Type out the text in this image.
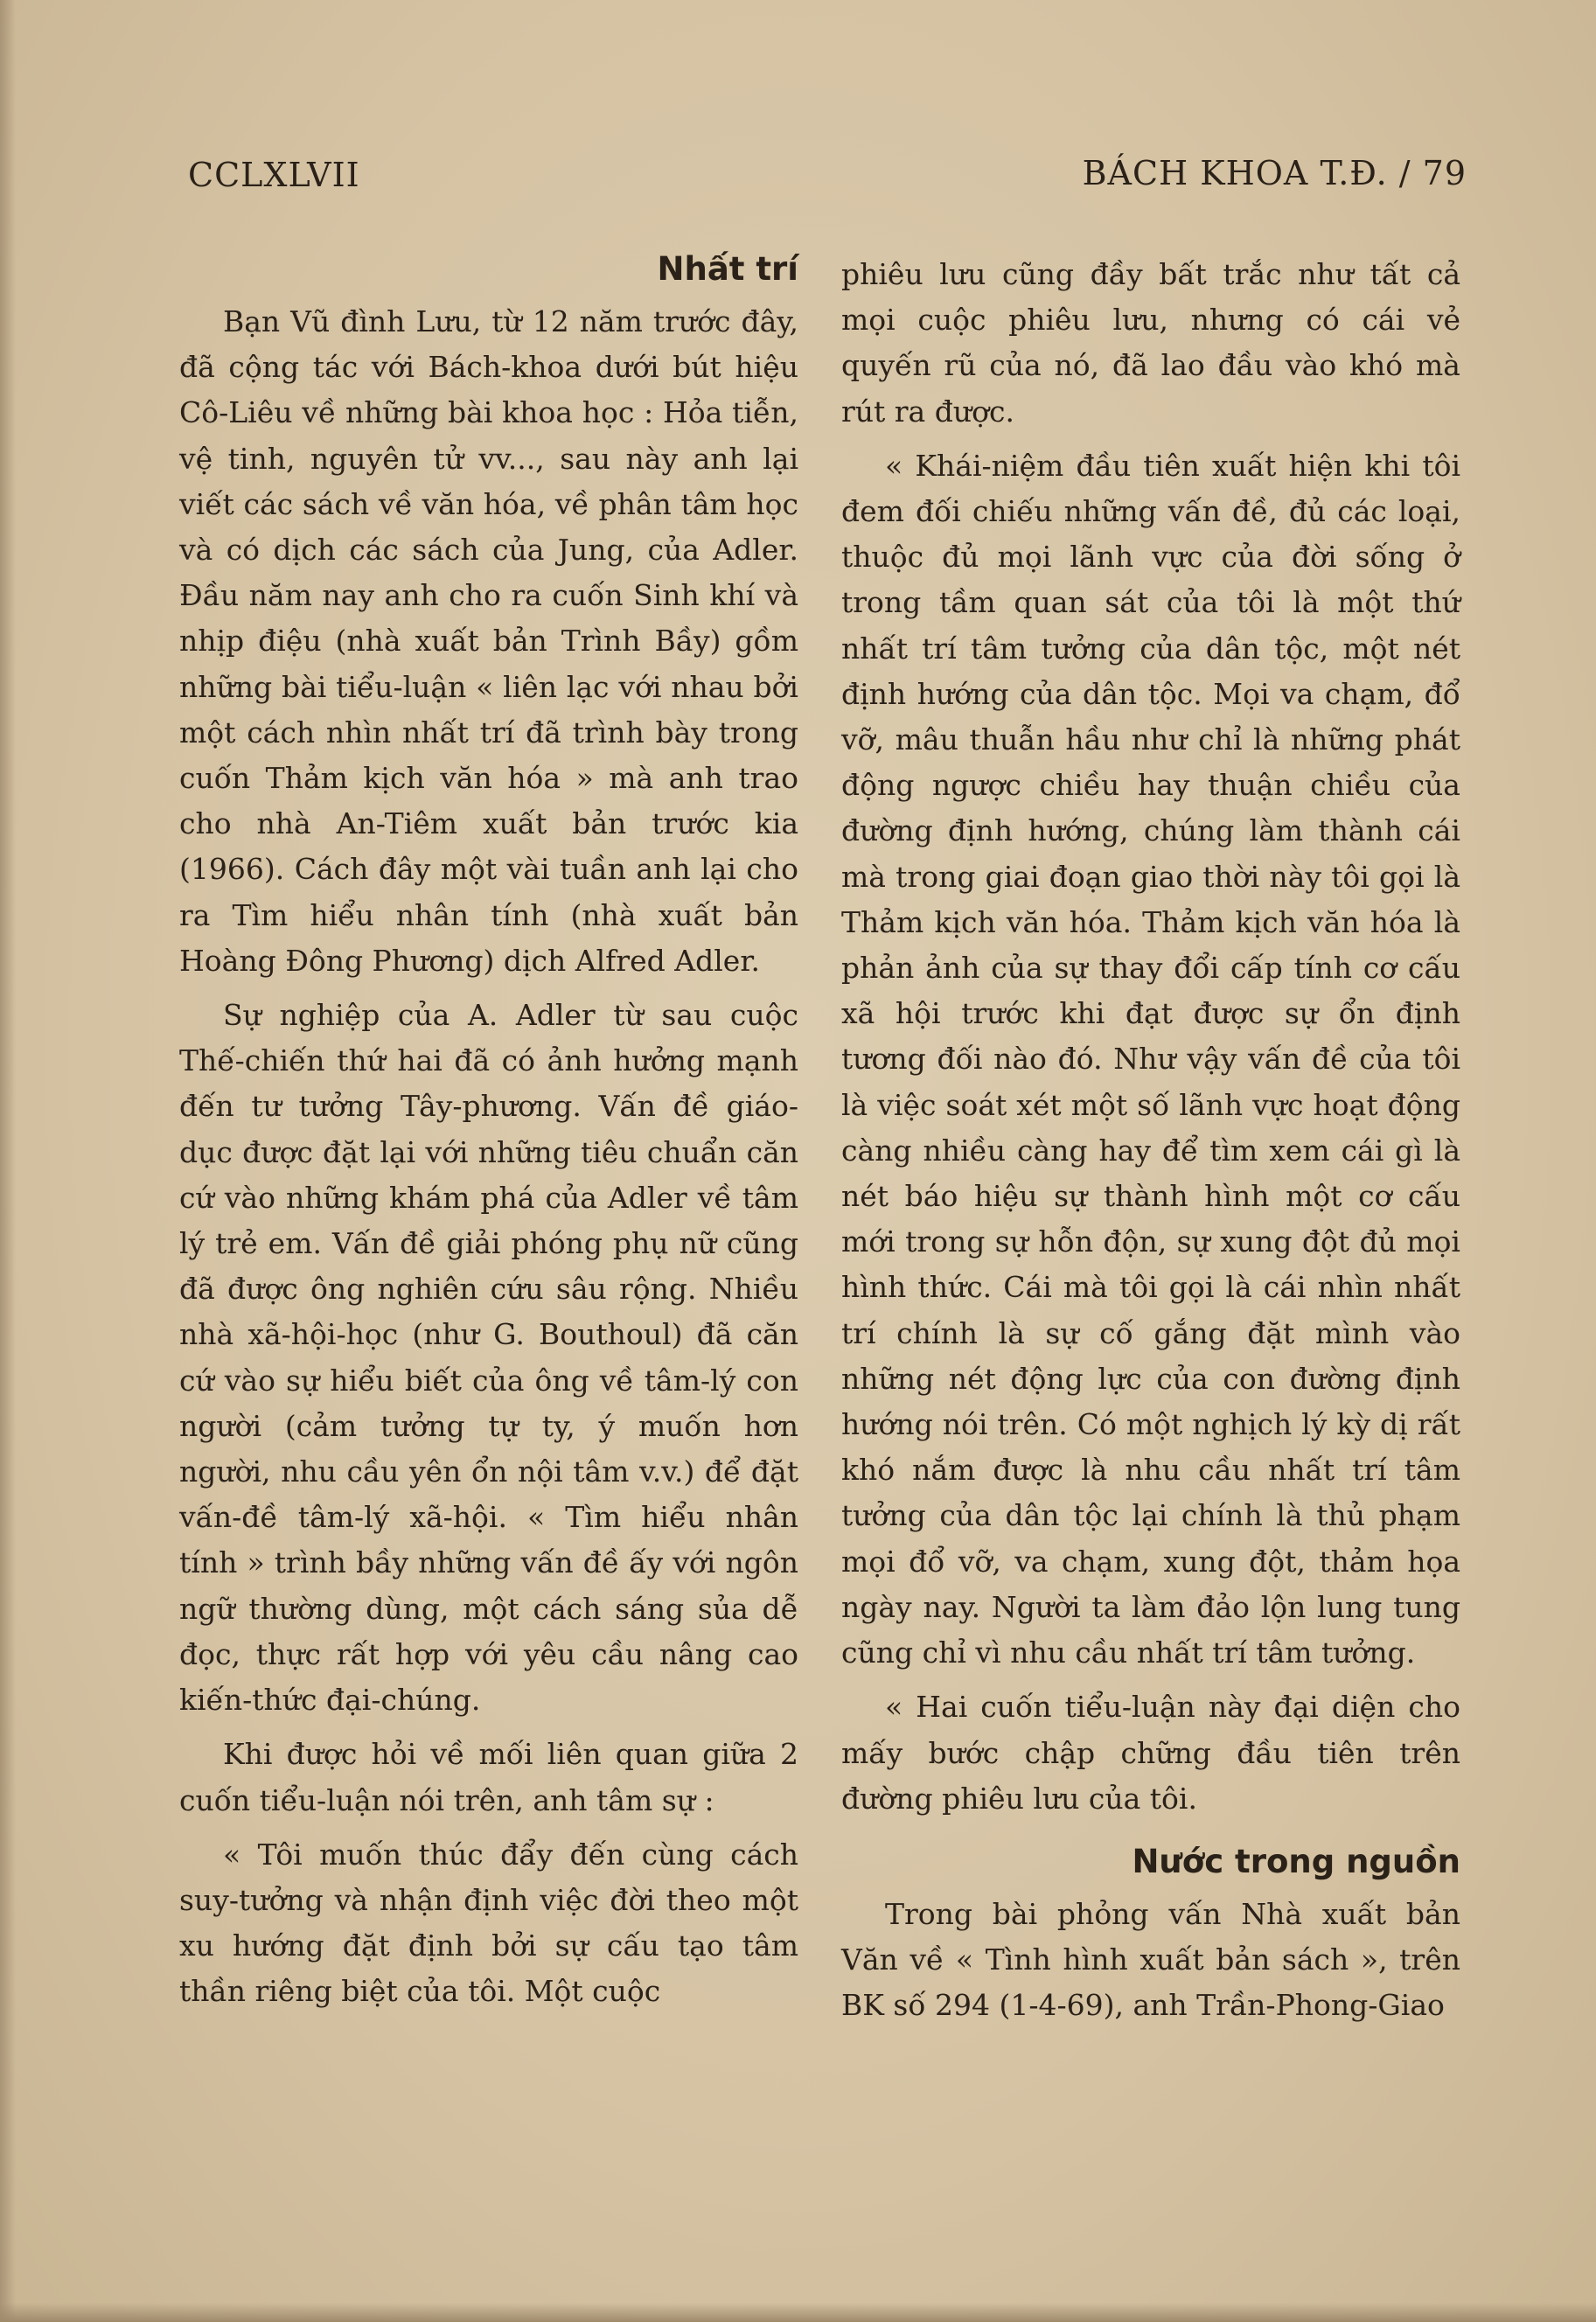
CCLXLVII	BÁCH KHOA T.Đ. / 79
Nhất trí

Bạn Vũ đình Lưu, từ 12 năm trước đây, đã cộng tác với Bách-khoa dưới bút hiệu Cô-Liêu về những bài khoa học : Hỏa tiễn, vệ tinh, nguyên tử vv..., sau này anh lại viết các sách về văn hóa, về phân tâm học và có dịch các sách của Jung, của Adler. Đầu năm nay anh cho ra cuốn Sinh khí và nhịp điệu (nhà xuất bản Trình Bầy) gồm những bài tiểu-luận « liên lạc với nhau bởi một cách nhìn nhất trí đã trình bày trong cuốn Thảm kịch văn hóa » mà anh trao cho nhà An-Tiêm xuất bản trước kia (1966). Cách đây một vài tuần anh lại cho ra Tìm hiểu nhân tính (nhà xuất bản Hoàng Đông Phương) dịch Alfred Adler.

Sự nghiệp của A. Adler từ sau cuộc Thế-chiến thứ hai đã có ảnh hưởng mạnh đến tư tưởng Tây-phương. Vấn đề giáo-dục được đặt lại với những tiêu chuẩn căn cứ vào những khám phá của Adler về tâm lý trẻ em. Vấn đề giải phóng phụ nữ cũng đã được ông nghiên cứu sâu rộng. Nhiều nhà xã-hội-học (như G. Bouthoul) đã căn cứ vào sự hiểu biết của ông về tâm-lý con người (cảm tưởng tự ty, ý muốn hơn người, nhu cầu yên ổn nội tâm v.v.) để đặt vấn-đề tâm-lý xã-hội. « Tìm hiểu nhân tính » trình bầy những vấn đề ấy với ngôn ngữ thường dùng, một cách sáng sủa dễ đọc, thực rất hợp với yêu cầu nâng cao kiến-thức đại-chúng.

Khi được hỏi về mối liên quan giữa 2 cuốn tiểu-luận nói trên, anh tâm sự :

« Tôi muốn thúc đẩy đến cùng cách suy-tưởng và nhận định việc đời theo một xu hướng đặt định bởi sự cấu tạo tâm thần riêng biệt của tôi. Một cuộc

phiêu lưu cũng đầy bất trắc như tất cả mọi cuộc phiêu lưu, nhưng có cái vẻ quyến rũ của nó, đã lao đầu vào khó mà rút ra được.

« Khái-niệm đầu tiên xuất hiện khi tôi đem đối chiếu những vấn đề, đủ các loại, thuộc đủ mọi lãnh vực của đời sống ở trong tầm quan sát của tôi là một thứ nhất trí tâm tưởng của dân tộc, một nét định hướng của dân tộc. Mọi va chạm, đổ vỡ, mâu thuẫn hầu như chỉ là những phát động ngược chiều hay thuận chiều của đường định hướng, chúng làm thành cái mà trong giai đoạn giao thời này tôi gọi là Thảm kịch văn hóa. Thảm kịch văn hóa là phản ảnh của sự thay đổi cấp tính cơ cấu xã hội trước khi đạt được sự ổn định tương đối nào đó. Như vậy vấn đề của tôi là việc soát xét một số lãnh vực hoạt động càng nhiều càng hay để tìm xem cái gì là nét báo hiệu sự thành hình một cơ cấu mới trong sự hỗn độn, sự xung đột đủ mọi hình thức. Cái mà tôi gọi là cái nhìn nhất trí chính là sự cố gắng đặt mình vào những nét động lực của con đường định hướng nói trên. Có một nghịch lý kỳ dị rất khó nắm được là nhu cầu nhất trí tâm tưởng của dân tộc lại chính là thủ phạm mọi đổ vỡ, va chạm, xung đột, thảm họa ngày nay. Người ta làm đảo lộn lung tung cũng chỉ vì nhu cầu nhất trí tâm tưởng.

« Hai cuốn tiểu-luận này đại diện cho mấy bước chập chững đầu tiên trên đường phiêu lưu của tôi.

Nước trong nguồn

Trong bài phỏng vấn Nhà xuất bản Văn về « Tình hình xuất bản sách », trên BK số 294 (1-4-69), anh Trần-Phong-Giao
